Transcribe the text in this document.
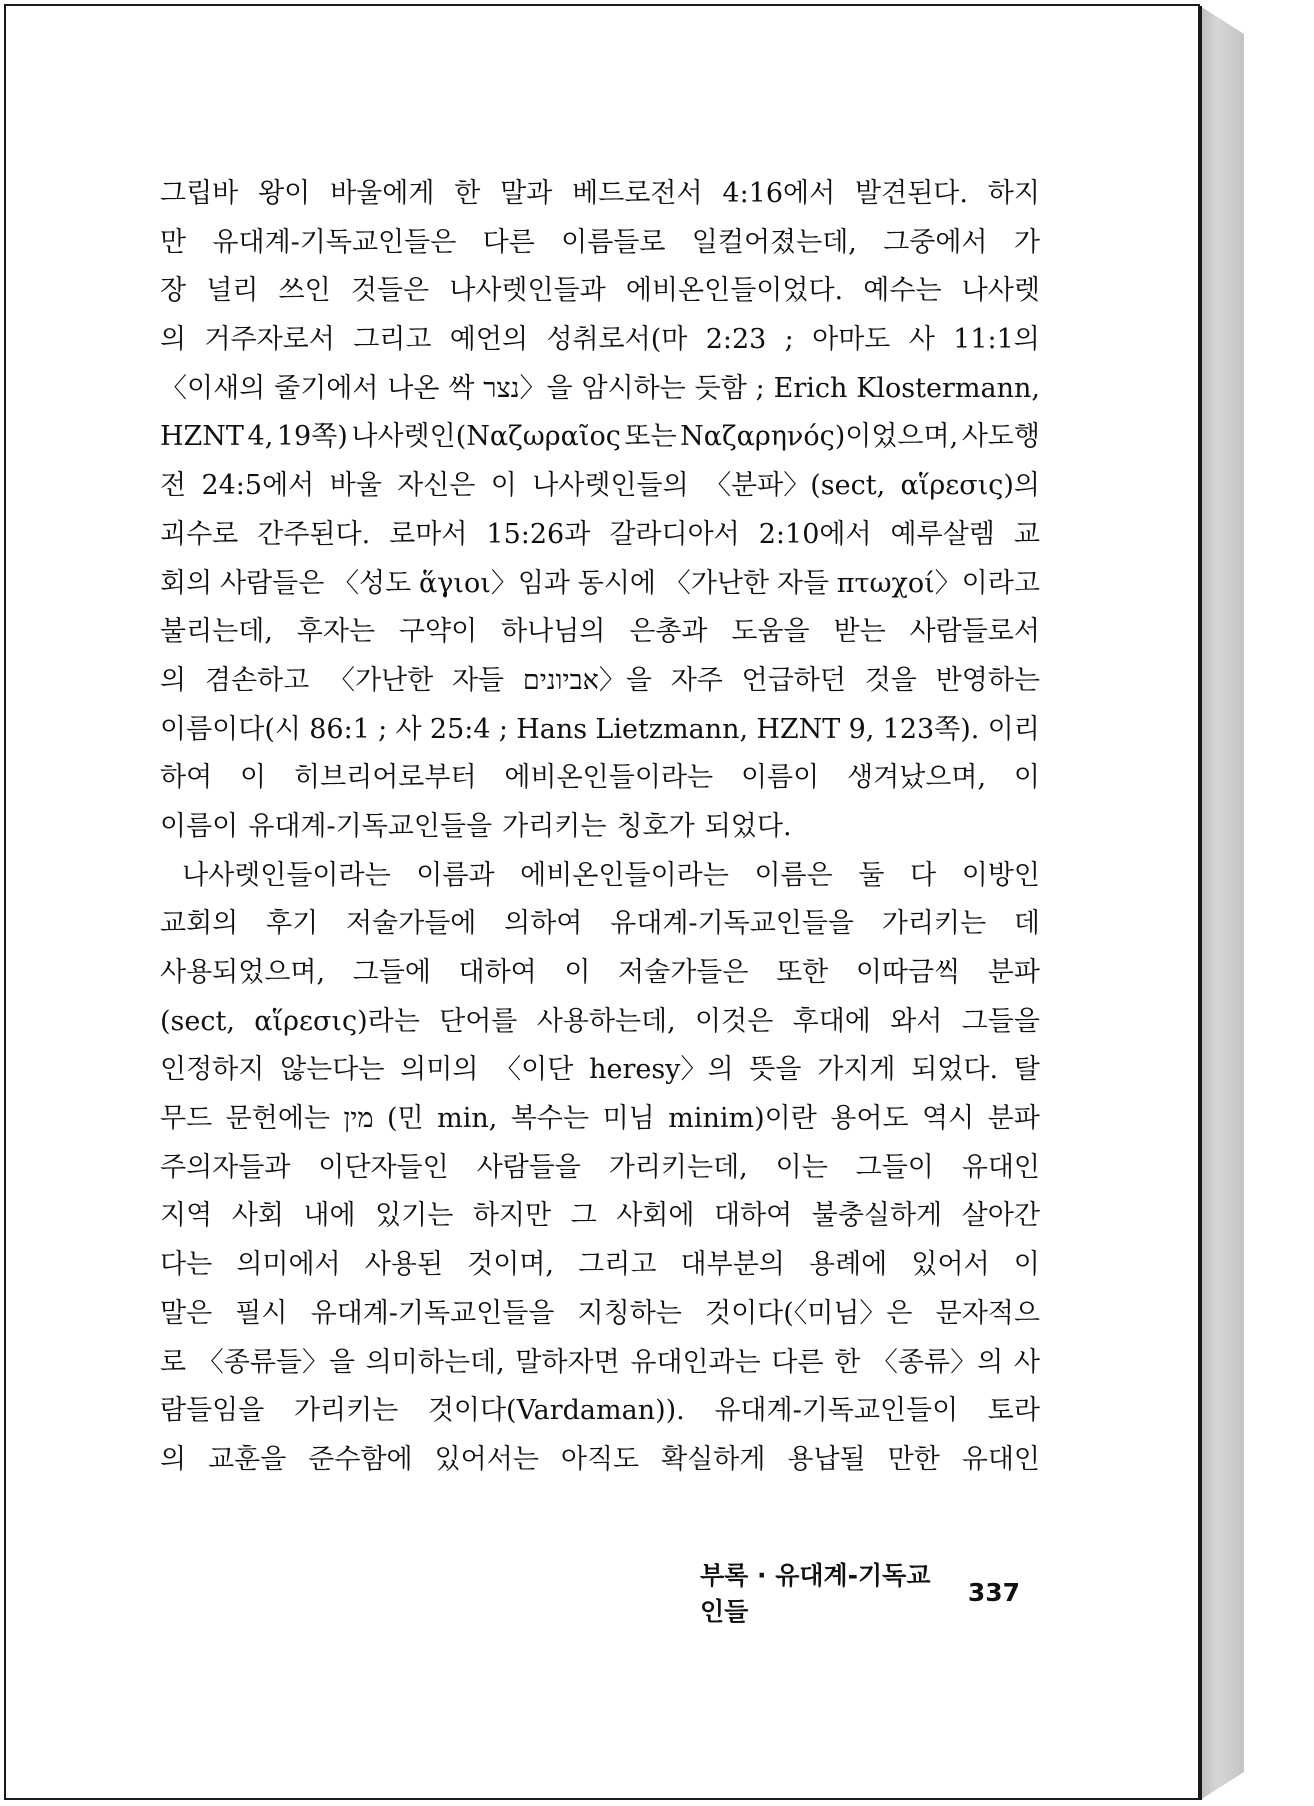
그립바 왕이 바울에게 한 말과 베드로전서 4:16에서 발견된다. 하지
만 유대계-기독교인들은 다른 이름들로 일컬어졌는데, 그중에서 가
장 널리 쓰인 것들은 나사렛인들과 에비온인들이었다. 예수는 나사렛
의 거주자로서 그리고 예언의 성취로서(마 2:23 ; 아마도 사 11:1의
〈이새의 줄기에서 나온 싹 נצר〉을 암시하는 듯함 ; Erich Klostermann,
HZNT 4, 19쪽) 나사렛인(Ναζωραῖος 또는 Ναζαρηνός)이었으며, 사도행
전 24:5에서 바울 자신은 이 나사렛인들의 〈분파〉(sect, αἵρεσις)의
괴수로 간주된다. 로마서 15:26과 갈라디아서 2:10에서 예루살렘 교
회의 사람들은 〈성도 ἅγιοι〉임과 동시에 〈가난한 자들 πτωχοί〉이라고
불리는데, 후자는 구약이 하나님의 은총과 도움을 받는 사람들로서
의 겸손하고 〈가난한 자들 אביונים〉을 자주 언급하던 것을 반영하는
이름이다(시 86:1 ; 사 25:4 ; Hans Lietzmann, HZNT 9, 123쪽). 이리
하여 이 히브리어로부터 에비온인들이라는 이름이 생겨났으며, 이
이름이 유대계-기독교인들을 가리키는 칭호가 되었다.
나사렛인들이라는 이름과 에비온인들이라는 이름은 둘 다 이방인
교회의 후기 저술가들에 의하여 유대계-기독교인들을 가리키는 데
사용되었으며, 그들에 대하여 이 저술가들은 또한 이따금씩 분파
(sect, αἵρεσις)라는 단어를 사용하는데, 이것은 후대에 와서 그들을
인정하지 않는다는 의미의 〈이단 heresy〉의 뜻을 가지게 되었다. 탈
무드 문헌에는 מין (민 min, 복수는 미님 minim)이란 용어도 역시 분파
주의자들과 이단자들인 사람들을 가리키는데, 이는 그들이 유대인
지역 사회 내에 있기는 하지만 그 사회에 대하여 불충실하게 살아간
다는 의미에서 사용된 것이며, 그리고 대부분의 용례에 있어서 이
말은 필시 유대계-기독교인들을 지칭하는 것이다(〈미님〉은 문자적으
로 〈종류들〉을 의미하는데, 말하자면 유대인과는 다른 한 〈종류〉의 사
람들임을 가리키는 것이다(Vardaman)). 유대계-기독교인들이 토라
의 교훈을 준수함에 있어서는 아직도 확실하게 용납될 만한 유대인
부록 · 유대계-기독교인들
337
